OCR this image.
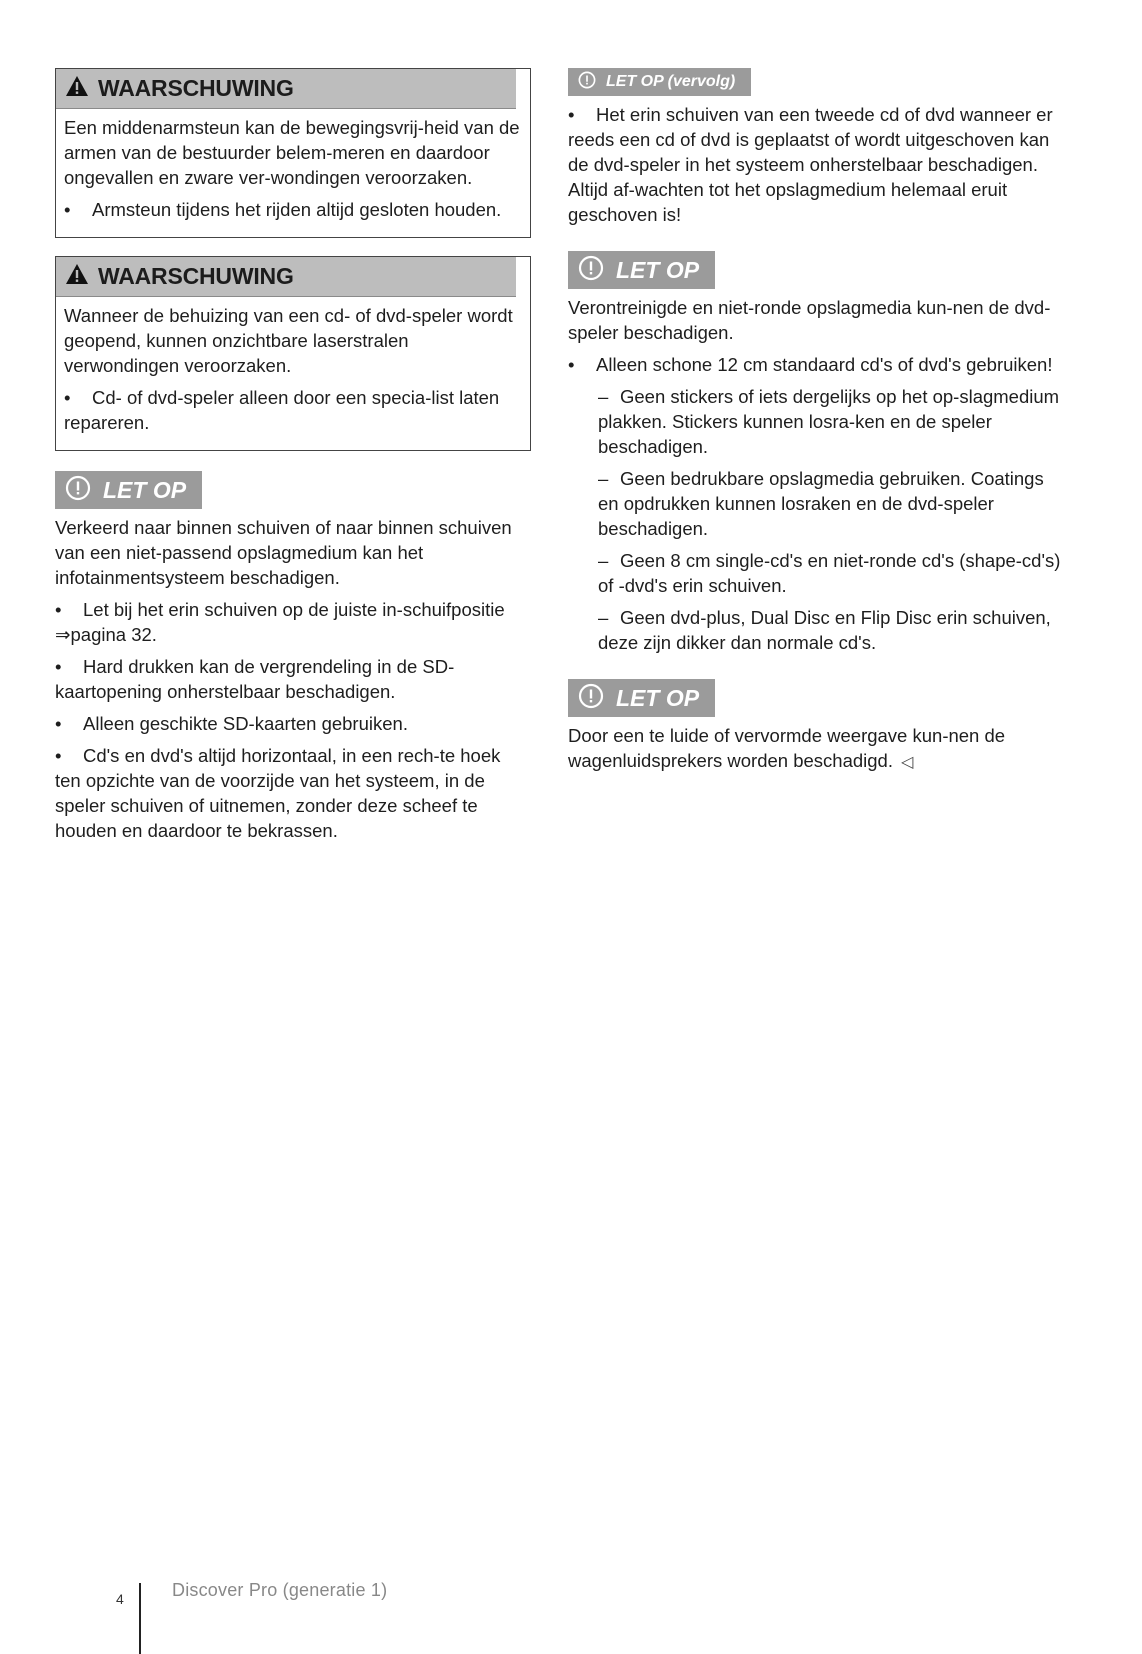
WAARSCHUWING

Een middenarmsteun kan de bewegingsvrij-heid van de armen van de bestuurder belem-meren en daardoor ongevallen en zware ver-wondingen veroorzaken.

• Armsteun tijdens het rijden altijd gesloten houden.

WAARSCHUWING

Wanneer de behuizing van een cd- of dvd-speler wordt geopend, kunnen onzichtbare laserstralen verwondingen veroorzaken.

• Cd- of dvd-speler alleen door een specia-list laten repareren.

LET OP

Verkeerd naar binnen schuiven of naar binnen schuiven van een niet-passend opslagmedium kan het infotainmentsysteem beschadigen.

• Let bij het erin schuiven op de juiste in-schuifpositie ⇒pagina 32.

• Hard drukken kan de vergrendeling in de SD-kaartopening onherstelbaar beschadigen.

• Alleen geschikte SD-kaarten gebruiken.

• Cd's en dvd's altijd horizontaal, in een rech-te hoek ten opzichte van de voorzijde van het systeem, in de speler schuiven of uitnemen, zonder deze scheef te houden en daardoor te bekrassen.

LET OP (vervolg)

• Het erin schuiven van een tweede cd of dvd wanneer er reeds een cd of dvd is geplaatst of wordt uitgeschoven kan de dvd-speler in het systeem onherstelbaar beschadigen. Altijd af-wachten tot het opslagmedium helemaal eruit geschoven is!

LET OP

Verontreinigde en niet-ronde opslagmedia kun-nen de dvd-speler beschadigen.

• Alleen schone 12 cm standaard cd's of dvd's gebruiken!

– Geen stickers of iets dergelijks op het op-slagmedium plakken. Stickers kunnen losra-ken en de speler beschadigen.

– Geen bedrukbare opslagmedia gebruiken. Coatings en opdrukken kunnen losraken en de dvd-speler beschadigen.

– Geen 8 cm single-cd's en niet-ronde cd's (shape-cd's) of -dvd's erin schuiven.

– Geen dvd-plus, Dual Disc en Flip Disc erin schuiven, deze zijn dikker dan normale cd's.

LET OP

Door een te luide of vervormde weergave kun-nen de wagenluidsprekers worden beschadigd. ◁

4	Discover Pro (generatie 1)
